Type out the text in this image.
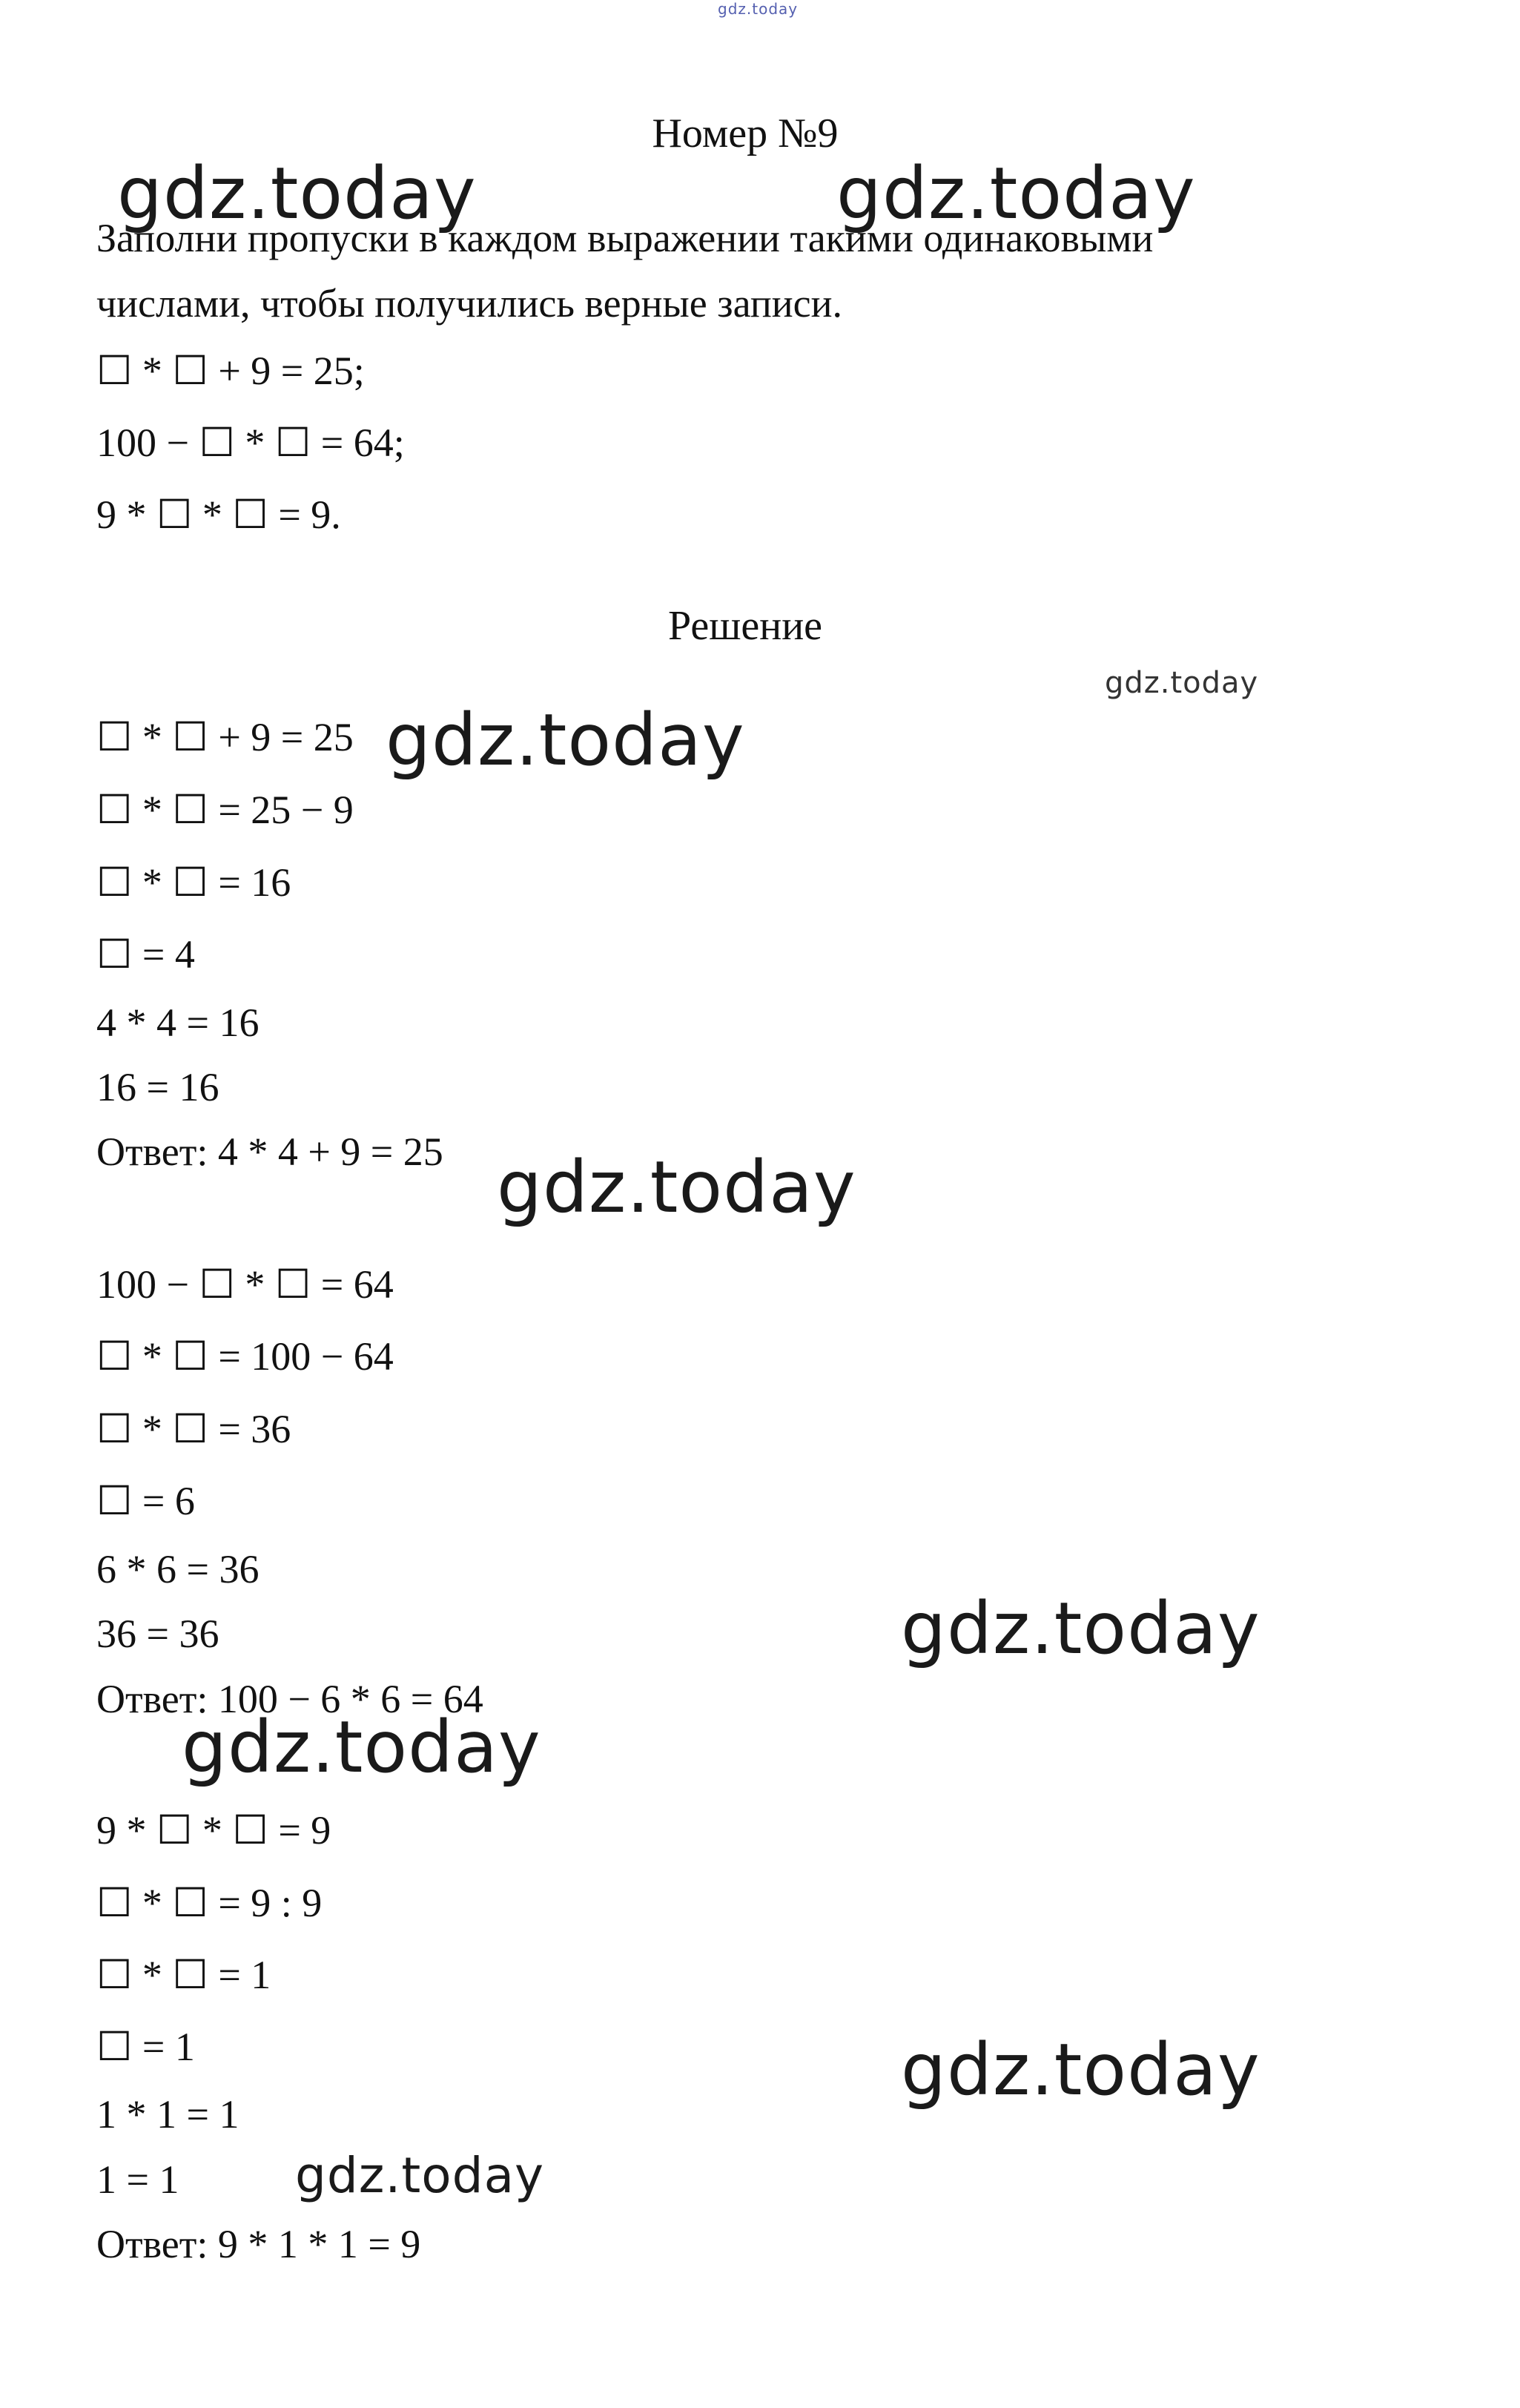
gdz.today
Номер №9
gdz.today	gdz.today
Заполни пропуски в каждом выражении такими одинаковыми
числами, чтобы получились верные записи.
☐ * ☐ + 9 = 25;
100 − ☐ * ☐ = 64;
9 * ☐ * ☐ = 9.
Решение
gdz.today
☐ * ☐ + 9 = 25 gdz.today
☐ * ☐ = 25 − 9
☐ * ☐ = 16
☐ = 4
4 * 4 = 16
16 = 16
Ответ: 4 * 4 + 9 = 25 gdz.today
100 − ☐ * ☐ = 64
☐ * ☐ = 100 − 64
☐ * ☐ = 36
☐ = 6
6 * 6 = 36
36 = 36	gdz.today
Ответ: 100 − 6 * 6 = 64
gdz.today
9 * ☐ * ☐ = 9
☐ * ☐ = 9 : 9
☐ * ☐ = 1
☐ = 1	gdz.today
1 * 1 = 1
1 = 1 gdz.today
Ответ: 9 * 1 * 1 = 9
